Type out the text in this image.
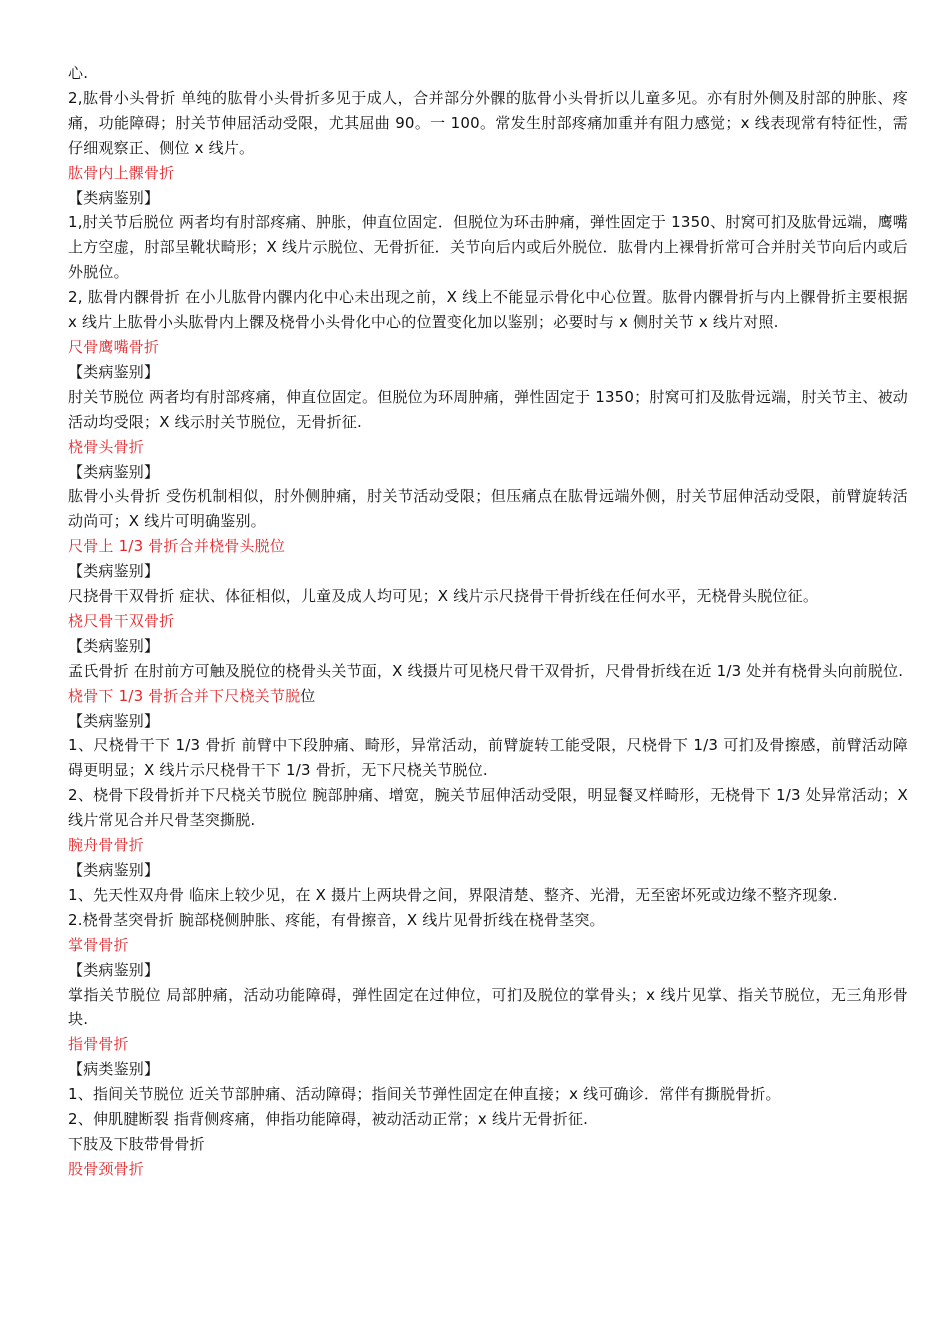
心.

2,肱骨小头骨折 单纯的肱骨小头骨折多见于成人，合并部分外髁的肱骨小头骨折以儿童多见。亦有肘外侧及肘部的肿胀、疼痛，功能障碍；肘关节伸屈活动受限，尤其屈曲 90。一 100。常发生肘部疼痛加重并有阻力感觉；x 线表现常有特征性，需仔细观察正、侧位 x 线片。

肱骨内上髁骨折

【类病鉴别】

1,肘关节后脱位 两者均有肘部疼痛、肿胀，伸直位固定．但脱位为环击肿痛，弹性固定于 1350、肘窝可扪及肱骨远端，鹰嘴上方空虚，肘部呈靴状畸形；X 线片示脱位、无骨折征．关节向后内或后外脱位．肱骨内上裸骨折常可合并肘关节向后内或后外脱位。

2, 肱骨内髁骨折 在小儿肱骨内髁内化中心未出现之前，X 线上不能显示骨化中心位置。肱骨内髁骨折与内上髁骨折主要根据 x 线片上肱骨小头肱骨内上髁及桡骨小头骨化中心的位置变化加以鉴别；必要时与 x 侧肘关节 x 线片对照.

尺骨鹰嘴骨折

【类病鉴别】

肘关节脱位 两者均有肘部疼痛，伸直位固定。但脱位为环周肿痛，弹性固定于 1350；肘窝可扪及肱骨远端，肘关节主、被动活动均受限；X 线示肘关节脱位，无骨折征.

桡骨头骨折

【类病鉴别】

肱骨小头骨折 受伤机制相似，肘外侧肿痛，肘关节活动受限；但压痛点在肱骨远端外侧，肘关节屈伸活动受限，前臂旋转活动尚可；X 线片可明确鉴别。

尺骨上 1/3 骨折合并桡骨头脱位

【类病鉴别】

尺挠骨干双骨折 症状、体征相似，儿童及成人均可见；X 线片示尺挠骨干骨折线在任何水平，无桡骨头脱位征。

桡尺骨干双骨折

【类病鉴别】

孟氏骨折 在肘前方可触及脱位的桡骨头关节面，X 线摄片可见桡尺骨干双骨折，尺骨骨折线在近 1/3 处并有桡骨头向前脱位.

桡骨下 1/3 骨折合并下尺桡关节脱位

【类病鉴别】

1、尺桡骨干下 1/3 骨折 前臂中下段肿痛、畸形，异常活动，前臂旋转工能受限，尺桡骨下 1/3 可扪及骨擦感，前臂活动障碍更明显；X 线片示尺桡骨干下 1/3 骨折，无下尺桡关节脱位.

2、桡骨下段骨折并下尺桡关节脱位 腕部肿痛、增宽，腕关节屈伸活动受限，明显餐叉样畸形，无桡骨下 1/3 处异常活动；X 线片常见合并尺骨茎突撕脱.

腕舟骨骨折

【类病鉴别】

1、先天性双舟骨 临床上较少见，在 X 摄片上两块骨之间，界限清楚、整齐、光滑，无至密坏死或边缘不整齐现象.

2.桡骨茎突骨折 腕部桡侧肿胀、疼能，有骨擦音，X 线片见骨折线在桡骨茎突。

掌骨骨折

【类病鉴别】

掌指关节脱位 局部肿痛，活动功能障碍，弹性固定在过伸位，可扪及脱位的掌骨头；x 线片见掌、指关节脱位，无三角形骨块.

指骨骨折

【病类鉴别】

1、指间关节脱位 近关节部肿痛、活动障碍；指间关节弹性固定在伸直接；x 线可确诊．常伴有撕脱骨折。

2、伸肌腱断裂 指背侧疼痛，伸指功能障碍，被动活动正常；x 线片无骨折征.

下肢及下肢带骨骨折

股骨颈骨折
